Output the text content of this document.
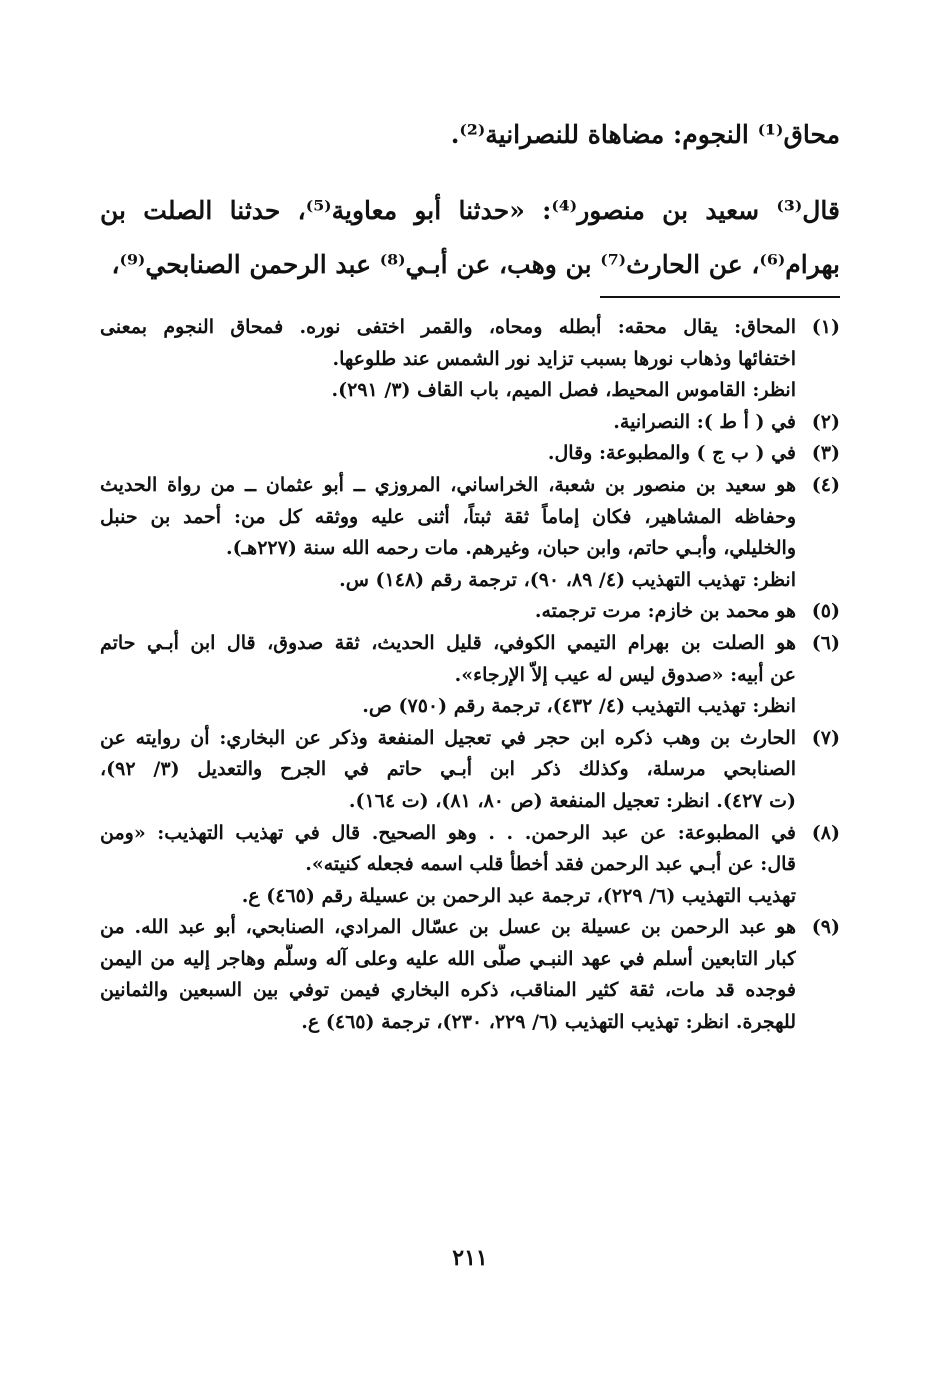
محاق⁽¹⁾ النجوم: مضاهاة للنصرانية⁽²⁾.

قال⁽³⁾ سعيد بن منصور⁽⁴⁾: «حدثنا أبو معاوية⁽⁵⁾، حدثنا الصلت بن

بهرام⁽⁶⁾، عن الحارث⁽⁷⁾ بن وهب، عن أبـي⁽⁸⁾ عبد الرحمن الصنابحي⁽⁹⁾،

(١)
المحاق: يقال محقه: أبطله ومحاه، والقمر اختفى نوره. فمحاق النجوم بمعنى
اختفائها وذهاب نورها بسبب تزايد نور الشمس عند طلوعها.
انظر: القاموس المحيط، فصل الميم، باب القاف (٣/ ٢٩١).
(٢)
في ( أ ط ): النصرانية.
(٣)
في ( ب ج ) والمطبوعة: وقال.
(٤)
هو سعيد بن منصور بن شعبة، الخراساني، المروزي ــ أبو عثمان ــ من رواة الحديث
وحفاظه المشاهير، فكان إماماً ثقة ثبتاً، أثنى عليه ووثقه كل من: أحمد بن حنبل
والخليلي، وأبـي حاتم، وابن حبان، وغيرهم. مات رحمه الله سنة (٢٢٧هـ).
انظر: تهذيب التهذيب (٤/ ٨٩، ٩٠)، ترجمة رقم (١٤٨) س.
(٥)
هو محمد بن خازم: مرت ترجمته.
(٦)
هو الصلت بن بهرام التيمي الكوفي، قليل الحديث، ثقة صدوق، قال ابن أبـي حاتم
عن أبيه: «صدوق ليس له عيب إلاّ الإرجاء».
انظر: تهذيب التهذيب (٤/ ٤٣٢)، ترجمة رقم (٧٥٠) ص.
(٧)
الحارث بن وهب ذكره ابن حجر في تعجيل المنفعة وذكر عن البخاري: أن روايته عن
الصنابحي مرسلة، وكذلك ذكر ابن أبـي حاتم في الجرح والتعديل (٣/ ٩٢)،
(ت ٤٢٧). انظر: تعجيل المنفعة (ص ٨٠، ٨١)، (ت ١٦٤).
(٨)
في المطبوعة: عن عبد الرحمن. . . وهو الصحيح. قال في تهذيب التهذيب: «ومن
قال: عن أبـي عبد الرحمن فقد أخطأ قلب اسمه فجعله كنيته».
تهذيب التهذيب (٦/ ٢٢٩)، ترجمة عبد الرحمن بن عسيلة رقم (٤٦٥) ع.
(٩)
هو عبد الرحمن بن عسيلة بن عسل بن عسّال المرادي، الصنابحي، أبو عبد الله. من
كبار التابعين أسلم في عهد النبـي صلَّى الله عليه وعلى آله وسلَّم وهاجر إليه من اليمن
فوجده قد مات، ثقة كثير المناقب، ذكره البخاري فيمن توفي بين السبعين والثمانين
للهجرة. انظر: تهذيب التهذيب (٦/ ٢٢٩، ٢٣٠)، ترجمة (٤٦٥) ع.
٢١١
